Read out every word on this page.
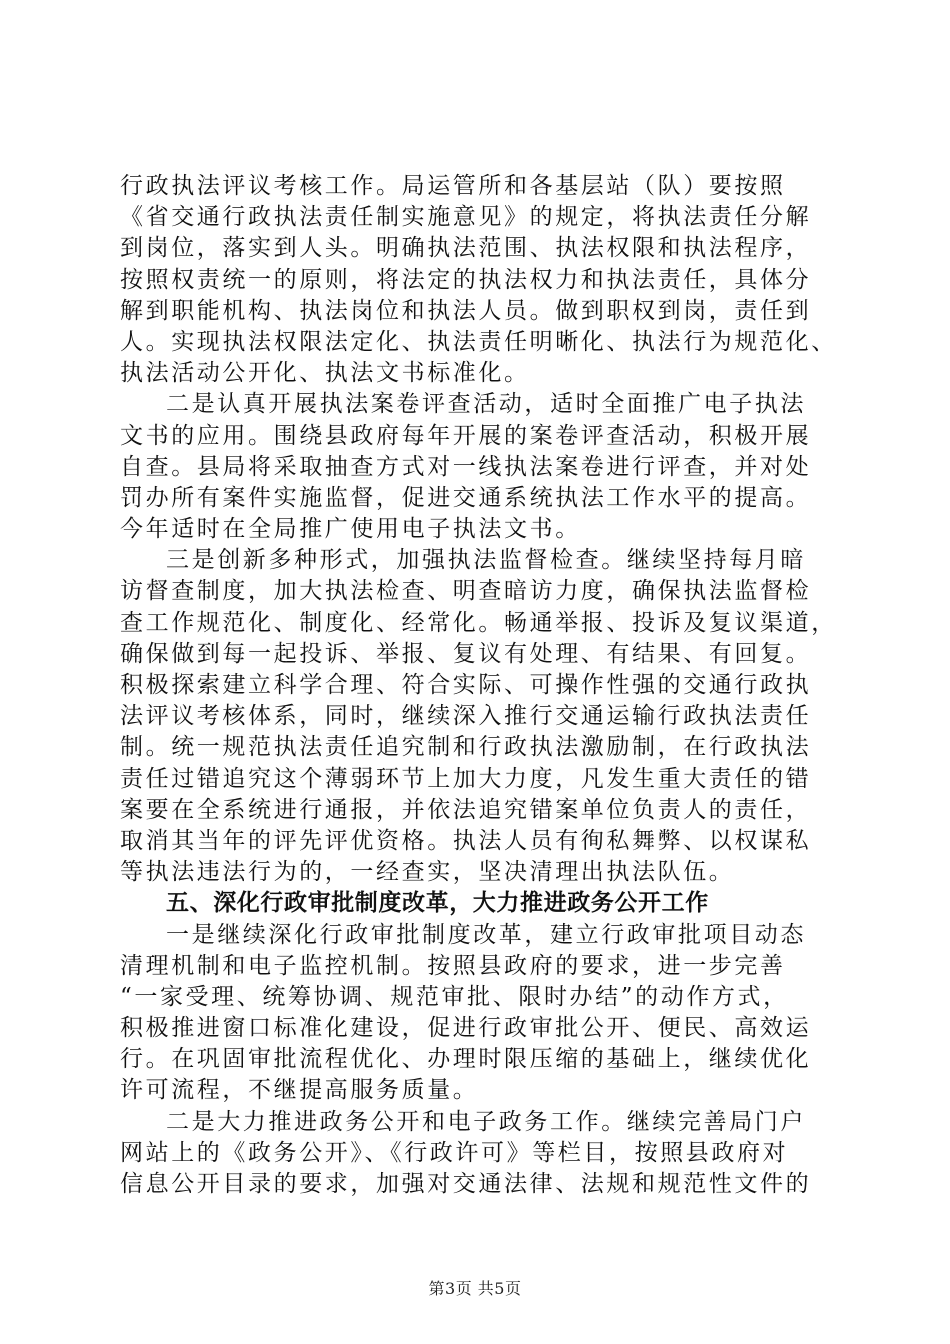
行政执法评议考核工作。局运管所和各基层站（队）要按照
《省交通行政执法责任制实施意见》的规定，将执法责任分解
到岗位，落实到人头。明确执法范围、执法权限和执法程序，
按照权责统一的原则，将法定的执法权力和执法责任，具体分
解到职能机构、执法岗位和执法人员。做到职权到岗，责任到
人。实现执法权限法定化、执法责任明晰化、执法行为规范化、
执法活动公开化、执法文书标准化。
二是认真开展执法案卷评查活动，适时全面推广电子执法
文书的应用。围绕县政府每年开展的案卷评查活动，积极开展
自查。县局将采取抽查方式对一线执法案卷进行评查，并对处
罚办所有案件实施监督，促进交通系统执法工作水平的提高。
今年适时在全局推广使用电子执法文书。
三是创新多种形式，加强执法监督检查。继续坚持每月暗
访督查制度，加大执法检查、明查暗访力度，确保执法监督检
查工作规范化、制度化、经常化。畅通举报、投诉及复议渠道，
确保做到每一起投诉、举报、复议有处理、有结果、有回复。
积极探索建立科学合理、符合实际、可操作性强的交通行政执
法评议考核体系，同时，继续深入推行交通运输行政执法责任
制。统一规范执法责任追究制和行政执法激励制，在行政执法
责任过错追究这个薄弱环节上加大力度，凡发生重大责任的错
案要在全系统进行通报，并依法追究错案单位负责人的责任，
取消其当年的评先评优资格。执法人员有徇私舞弊、以权谋私
等执法违法行为的，一经查实，坚决清理出执法队伍。
五、深化行政审批制度改革，大力推进政务公开工作
一是继续深化行政审批制度改革，建立行政审批项目动态
清理机制和电子监控机制。按照县政府的要求，进一步完善
“一家受理、统筹协调、规范审批、限时办结”的动作方式，
积极推进窗口标准化建设，促进行政审批公开、便民、高效运
行。在巩固审批流程优化、办理时限压缩的基础上，继续优化
许可流程，不继提高服务质量。
二是大力推进政务公开和电子政务工作。继续完善局门户
网站上的《政务公开》、《行政许可》等栏目，按照县政府对
信息公开目录的要求，加强对交通法律、法规和规范性文件的
第3页 共5页
